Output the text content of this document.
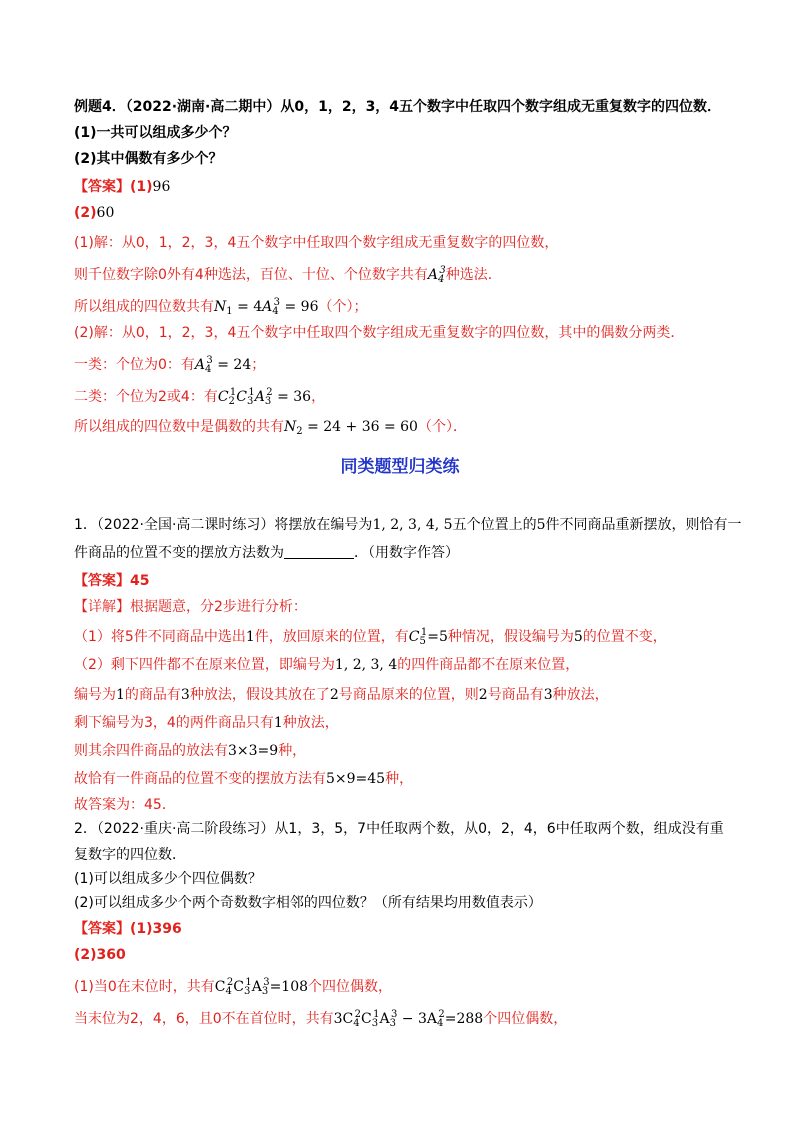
例题4．（2022·湖南·高二期中）从0，1，2，3，4五个数字中任取四个数字组成无重复数字的四位数．
(1)一共可以组成多少个？
(2)其中偶数有多少个？
【答案】(1)96
(2)60
(1)解：从0，1，2，3，4五个数字中任取四个数字组成无重复数字的四位数，
则千位数字除0外有4种选法，百位、十位、个位数字共有$A_4^3$种选法．
所以组成的四位数共有$N_1 = 4A_4^3 = 96$（个）；
(2)解：从0，1，2，3，4五个数字中任取四个数字组成无重复数字的四位数，其中的偶数分两类．
一类：个位为0：有$A_4^3 = 24$；
二类：个位为2或4：有$C_2^1C_3^1A_3^2 = 36$，
所以组成的四位数中是偶数的共有$N_2 = 24 + 36 = 60$（个）．
同类题型归类练
1．（2022·全国·高二课时练习）将摆放在编号为1, 2, 3, 4, 5五个位置上的5件不同商品重新摆放，则恰有一
件商品的位置不变的摆放方法数为	．（用数字作答）
【答案】45
【详解】根据题意，分2步进行分析：
（1）将5件不同商品中选出1件，放回原来的位置，有$C_5^1=5$种情况，假设编号为5的位置不变，
（2）剩下四件都不在原来位置，即编号为1, 2, 3, 4的四件商品都不在原来位置，
编号为1的商品有3种放法，假设其放在了2号商品原来的位置，则2号商品有3种放法，
剩下编号为3，4的两件商品只有1种放法，
则其余四件商品的放法有3×3=9种，
故恰有一件商品的位置不变的摆放方法有5×9=45种，
故答案为：45．
2．（2022·重庆·高二阶段练习）从1，3，5，7中任取两个数，从0，2，4，6中任取两个数，组成没有重
复数字的四位数．
(1)可以组成多少个四位偶数？
(2)可以组成多少个两个奇数数字相邻的四位数？（所有结果均用数值表示）
【答案】(1)396
(2)360
(1)当0在末位时，共有$C_4^2C_3^1A_3^3=108$个四位偶数，
当末位为2，4，6，且0不在首位时，共有$3C_4^2C_3^1A_3^3 - 3A_4^2=288$个四位偶数，
